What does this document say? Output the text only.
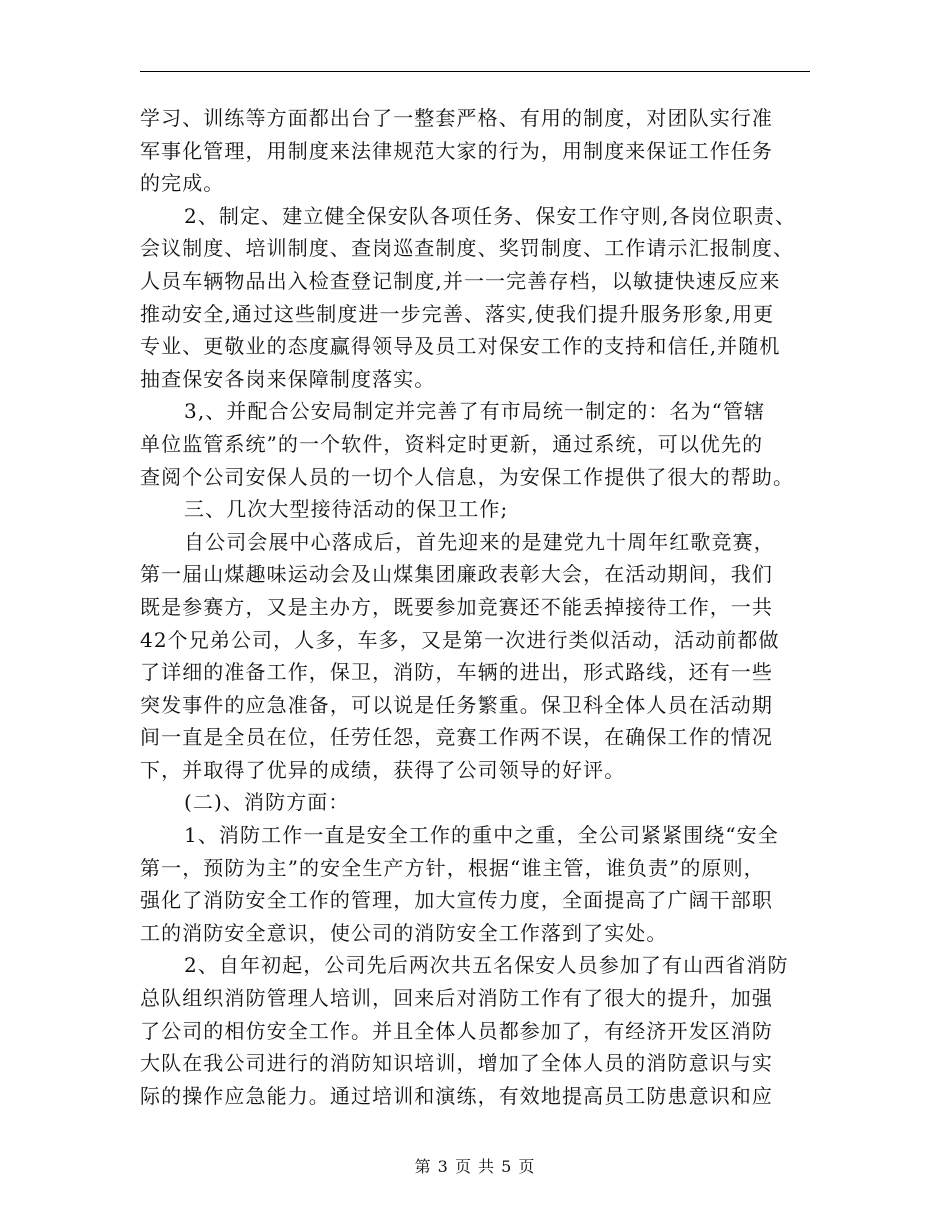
学习、训练等方面都出台了一整套严格、有用的制度，对团队实行准
军事化管理，用制度来法律规范大家的行为，用制度来保证工作任务
的完成。
2、制定、建立健全保安队各项任务、保安工作守则,各岗位职责、
会议制度、培训制度、查岗巡查制度、奖罚制度、工作请示汇报制度、
人员车辆物品出入检查登记制度,并一一完善存档，以敏捷快速反应来
推动安全,通过这些制度进一步完善、落实,使我们提升服务形象,用更
专业、更敬业的态度赢得领导及员工对保安工作的支持和信任,并随机
抽查保安各岗来保障制度落实。
3,、并配合公安局制定并完善了有市局统一制定的：名为“管辖
单位监管系统”的一个软件，资料定时更新，通过系统，可以优先的
查阅个公司安保人员的一切个人信息，为安保工作提供了很大的帮助。
三、几次大型接待活动的保卫工作;
自公司会展中心落成后，首先迎来的是建党九十周年红歌竞赛，
第一届山煤趣味运动会及山煤集团廉政表彰大会，在活动期间，我们
既是参赛方，又是主办方，既要参加竞赛还不能丢掉接待工作，一共
42个兄弟公司，人多，车多，又是第一次进行类似活动，活动前都做
了详细的准备工作，保卫，消防，车辆的进出，形式路线，还有一些
突发事件的应急准备，可以说是任务繁重。保卫科全体人员在活动期
间一直是全员在位，任劳任怨，竞赛工作两不误，在确保工作的情况
下，并取得了优异的成绩，获得了公司领导的好评。
(二)、消防方面：
1、消防工作一直是安全工作的重中之重，全公司紧紧围绕“安全
第一，预防为主”的安全生产方针，根据“谁主管，谁负责”的原则，
强化了消防安全工作的管理，加大宣传力度，全面提高了广阔干部职
工的消防安全意识，使公司的消防安全工作落到了实处。
2、自年初起，公司先后两次共五名保安人员参加了有山西省消防
总队组织消防管理人培训，回来后对消防工作有了很大的提升，加强
了公司的相仿安全工作。并且全体人员都参加了，有经济开发区消防
大队在我公司进行的消防知识培训，增加了全体人员的消防意识与实
际的操作应急能力。通过培训和演练，有效地提高员工防患意识和应
第 3 页 共 5 页
